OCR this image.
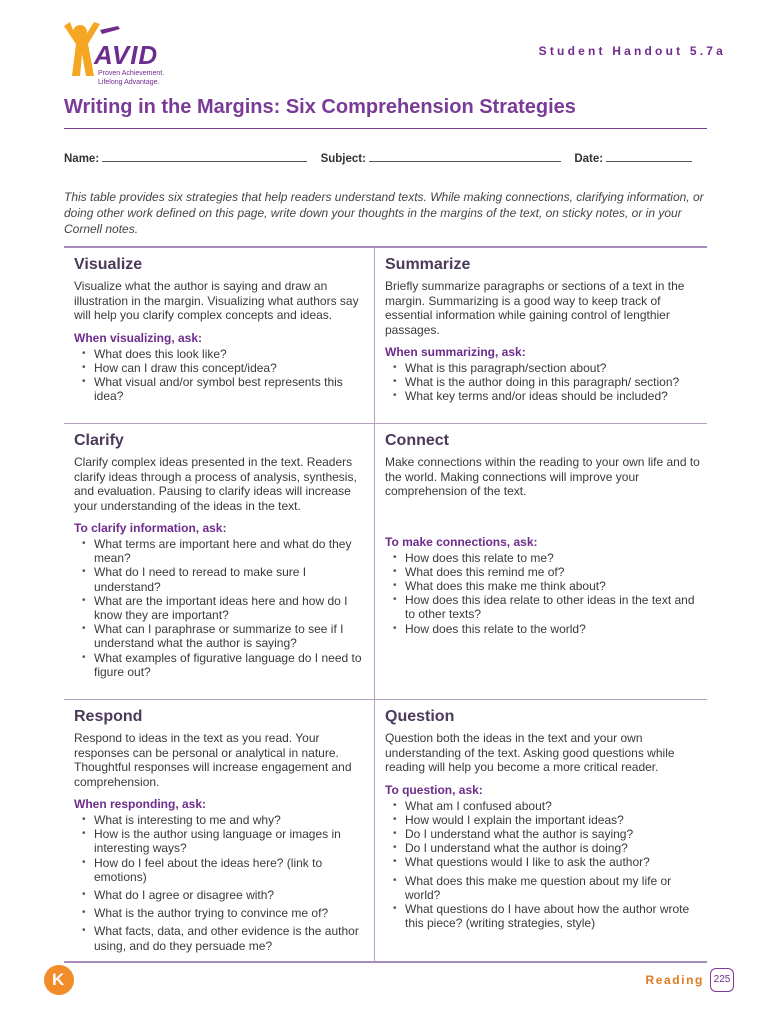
AVID
Proven Achievement.
Lifelong Advantage.
Student Handout 5.7a
Writing in the Margins: Six Comprehension Strategies
Name:	Subject:	Date:
This table provides six strategies that help readers understand texts. While making connections, clarifying information, or doing other work defined on this page, write down your thoughts in the margins of the text, on sticky notes, or in your Cornell notes.
Visualize

Visualize what the author is saying and draw an illustration in the margin. Visualizing what authors say will help you clarify complex concepts and ideas.

When visualizing, ask:
• What does this look like?
• How can I draw this concept/idea?
• What visual and/or symbol best represents this idea?
Summarize

Briefly summarize paragraphs or sections of a text in the margin. Summarizing is a good way to keep track of essential information while gaining control of lengthier passages.

When summarizing, ask:
• What is this paragraph/section about?
• What is the author doing in this paragraph/ section?
• What key terms and/or ideas should be included?
Clarify

Clarify complex ideas presented in the text. Readers clarify ideas through a process of analysis, synthesis, and evaluation. Pausing to clarify ideas will increase your understanding of the ideas in the text.

To clarify information, ask:
• What terms are important here and what do they mean?
• What do I need to reread to make sure I understand?
• What are the important ideas here and how do I know they are important?
• What can I paraphrase or summarize to see if I understand what the author is saying?
• What examples of figurative language do I need to figure out?
Connect

Make connections within the reading to your own life and to the world. Making connections will improve your comprehension of the text.

To make connections, ask:
• How does this relate to me?
• What does this remind me of?
• What does this make me think about?
• How does this idea relate to other ideas in the text and to other texts?
• How does this relate to the world?
Respond

Respond to ideas in the text as you read. Your responses can be personal or analytical in nature. Thoughtful responses will increase engagement and comprehension.

When responding, ask:
• What is interesting to me and why?
• How is the author using language or images in interesting ways?
• How do I feel about the ideas here? (link to emotions)
• What do I agree or disagree with?
• What is the author trying to convince me of?
• What facts, data, and other evidence is the author using, and do they persuade me?
Question

Question both the ideas in the text and your own understanding of the text. Asking good questions while reading will help you become a more critical reader.

To question, ask:
• What am I confused about?
• How would I explain the important ideas?
• Do I understand what the author is saying?
• Do I understand what the author is doing?
• What questions would I like to ask the author?
• What does this make me question about my life or world?
• What questions do I have about how the author wrote this piece? (writing strategies, style)
K	Reading 225
